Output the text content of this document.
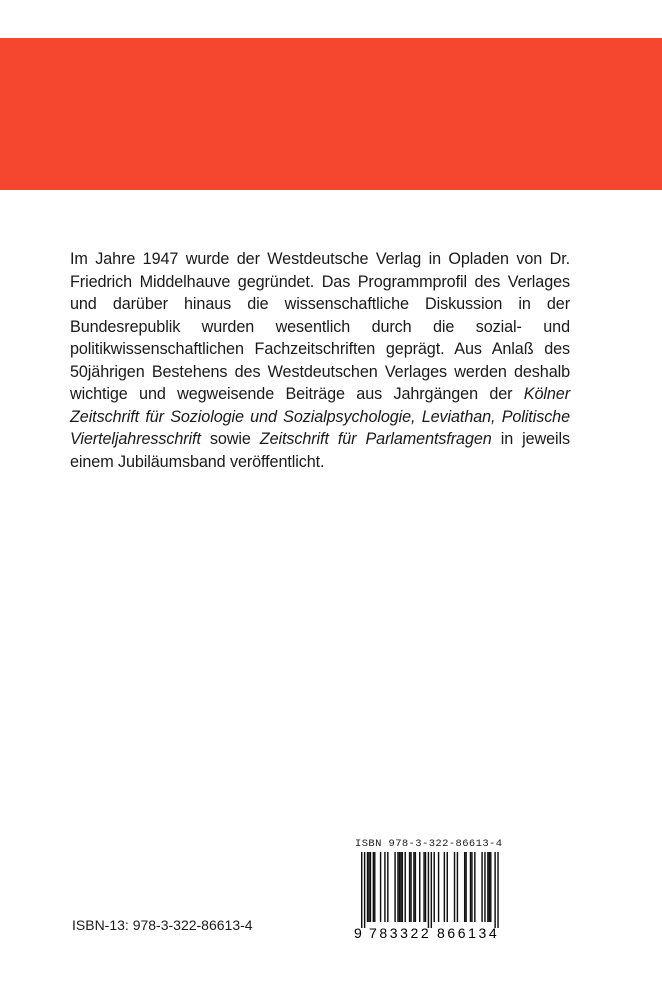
Im Jahre 1947 wurde der Westdeutsche Verlag in Opladen von Dr. Friedrich Middelhauve gegründet. Das Programmprofil des Verlages und darüber hinaus die wissenschaftliche Diskussion in der Bundesrepublik wurden wesentlich durch die sozial- und politikwissenschaftlichen Fachzeitschriften geprägt. Aus Anlaß des 50jährigen Bestehens des Westdeutschen Verlages werden deshalb wichtige und wegweisende Beiträge aus Jahrgängen der Kölner Zeitschrift für Soziologie und Sozialpsychologie, Leviathan, Politische Vierteljahresschrift sowie Zeitschrift für Parlamentsfragen in jeweils einem Jubiläumsband veröffentlicht.

ISBN 978-3-322-86613-4
9 783322 866134
ISBN-13: 978-3-322-86613-4
